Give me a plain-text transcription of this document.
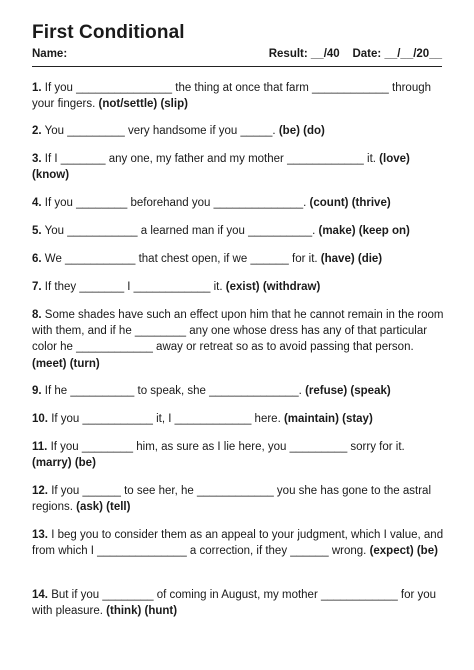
First Conditional
Name:	Result: __/40 Date: __/__/20__
1. If you _______________ the thing at once that farm ____________ through your fingers. (not/settle) (slip)
2. You _________ very handsome if you _____. (be) (do)
3. If I _______ any one, my father and my mother ____________ it. (love) (know)
4. If you ________ beforehand you ______________. (count) (thrive)
5. You ___________ a learned man if you __________. (make) (keep on)
6. We ___________ that chest open, if we ______ for it. (have) (die)
7. If they _______ I ____________ it. (exist) (withdraw)
8. Some shades have such an effect upon him that he cannot remain in the room with them, and if he ________ any one whose dress has any of that particular color he ____________ away or retreat so as to avoid passing that person. (meet) (turn)
9. If he __________ to speak, she ______________. (refuse) (speak)
10. If you ___________ it, I ____________ here. (maintain) (stay)
11. If you ________ him, as sure as I lie here, you _________ sorry for it. (marry) (be)
12. If you ______ to see her, he ____________ you she has gone to the astral regions. (ask) (tell)
13. I beg you to consider them as an appeal to your judgment, which I value, and from which I ______________ a correction, if they ______ wrong. (expect) (be)
14. But if you ________ of coming in August, my mother ____________ for you with pleasure. (think) (hunt)
